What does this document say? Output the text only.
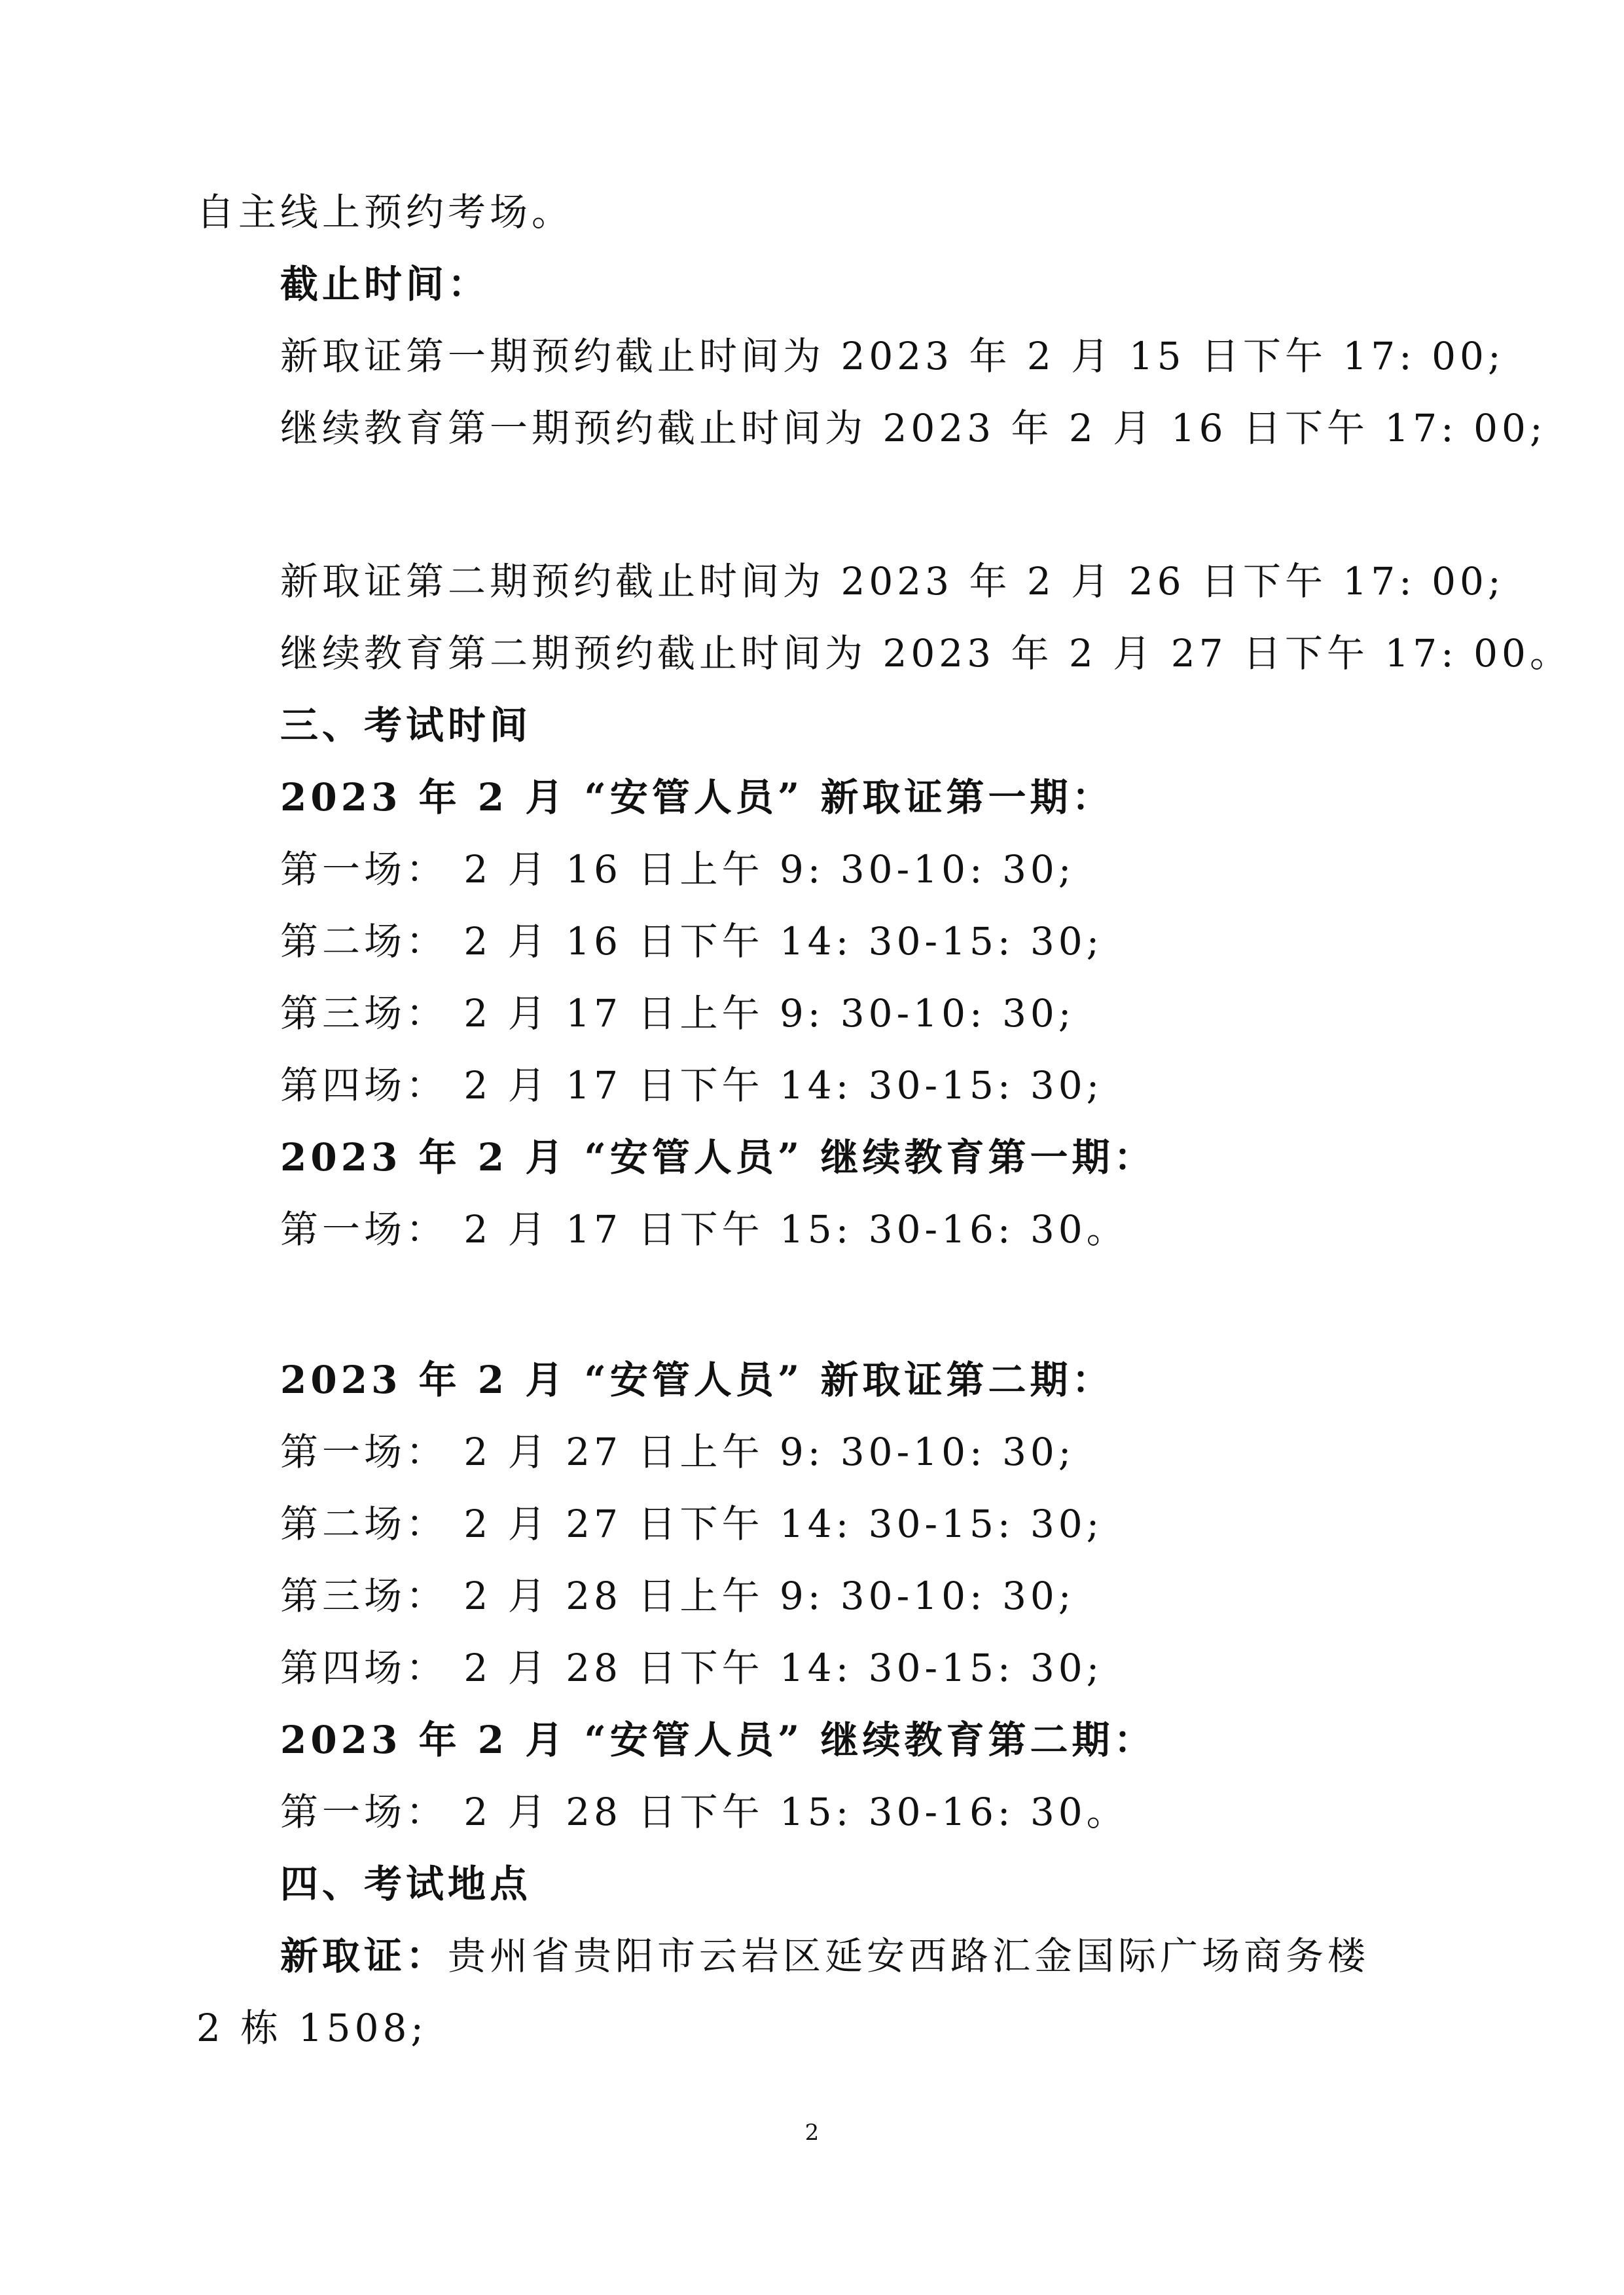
自主线上预约考场。
截止时间：
新取证第一期预约截止时间为 2023 年 2 月 15 日下午 17: 00;
继续教育第一期预约截止时间为 2023 年 2 月 16 日下午 17: 00;
新取证第二期预约截止时间为 2023 年 2 月 26 日下午 17: 00;
继续教育第二期预约截止时间为 2023 年 2 月 27 日下午 17: 00。
三、考试时间
2023 年 2 月 “安管人员” 新取证第一期：
第一场： 2 月 16 日上午 9: 30-10: 30;
第二场： 2 月 16 日下午 14: 30-15: 30;
第三场： 2 月 17 日上午 9: 30-10: 30;
第四场： 2 月 17 日下午 14: 30-15: 30;
2023 年 2 月 “安管人员” 继续教育第一期：
第一场： 2 月 17 日下午 15: 30-16: 30。
2023 年 2 月 “安管人员” 新取证第二期：
第一场： 2 月 27 日上午 9: 30-10: 30;
第二场： 2 月 27 日下午 14: 30-15: 30;
第三场： 2 月 28 日上午 9: 30-10: 30;
第四场： 2 月 28 日下午 14: 30-15: 30;
2023 年 2 月 “安管人员” 继续教育第二期：
第一场： 2 月 28 日下午 15: 30-16: 30。
四、考试地点
新取证：贵州省贵阳市云岩区延安西路汇金国际广场商务楼
2 栋 1508;
2
